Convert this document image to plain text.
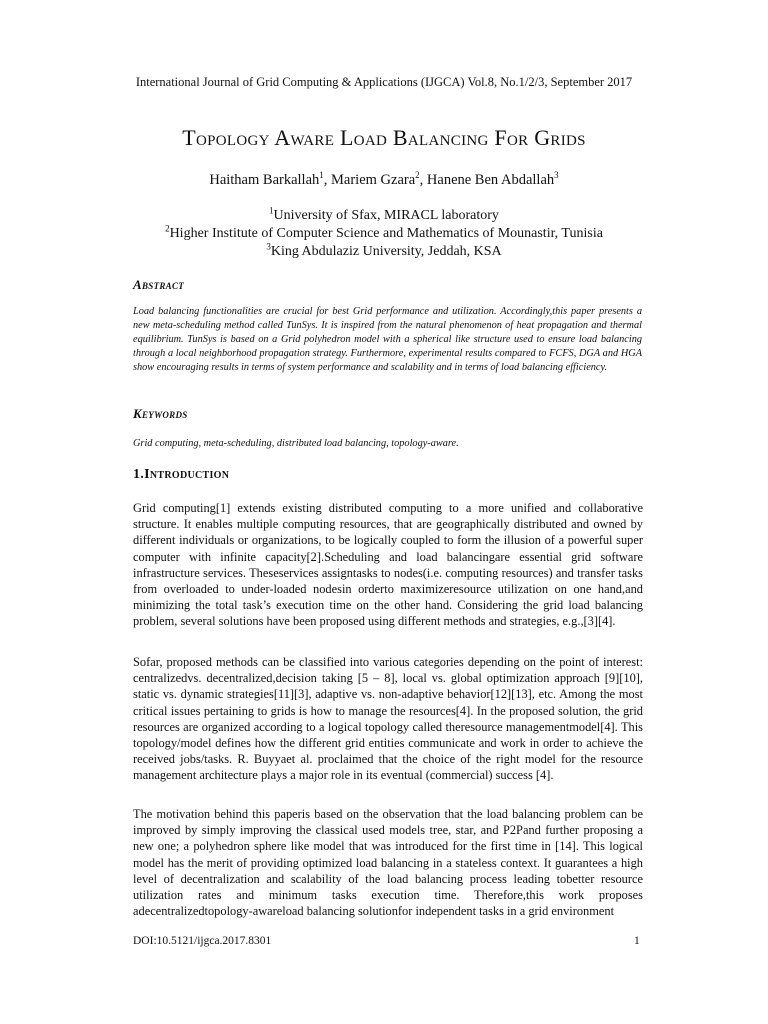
International Journal of Grid Computing & Applications (IJGCA) Vol.8, No.1/2/3, September 2017
Topology Aware Load Balancing For Grids
Haitham Barkallah$^1$, Mariem Gzara$^2$, Hanene Ben Abdallah$^3$
$^1$University of Sfax, MIRACL laboratory
$^2$Higher Institute of Computer Science and Mathematics of Mounastir, Tunisia
$^3$King Abdulaziz University, Jeddah, KSA
Abstract
Load balancing functionalities are crucial for best Grid performance and utilization. Accordingly,this paper presents a new meta-scheduling method called TunSys. It is inspired from the natural phenomenon of heat propagation and thermal equilibrium. TunSys is based on a Grid polyhedron model with a spherical like structure used to ensure load balancing through a local neighborhood propagation strategy. Furthermore, experimental results compared to FCFS, DGA and HGA show encouraging results in terms of system performance and scalability and in terms of load balancing efficiency.
Keywords
Grid computing, meta-scheduling, distributed load balancing, topology-aware.
1.Introduction

Grid computing[1] extends existing distributed computing to a more unified and collaborative structure. It enables multiple computing resources, that are geographically distributed and owned by different individuals or organizations, to be logically coupled to form the illusion of a powerful super computer with infinite capacity[2].Scheduling and load balancingare essential grid software infrastructure services. Theseservices assigntasks to nodes(i.e. computing resources) and transfer tasks from overloaded to under-loaded nodesin orderto maximizeresource utilization on one hand,and minimizing the total task’s execution time on the other hand. Considering the grid load balancing problem, several solutions have been proposed using different methods and strategies, e.g.,[3][4].

Sofar, proposed methods can be classified into various categories depending on the point of interest: centralizedvs. decentralized,decision taking [5 – 8], local vs. global optimization approach [9][10], static vs. dynamic strategies[11][3], adaptive vs. non-adaptive behavior[12][13], etc. Among the most critical issues pertaining to grids is how to manage the resources[4]. In the proposed solution, the grid resources are organized according to a logical topology called theresource managementmodel[4]. This topology/model defines how the different grid entities communicate and work in order to achieve the received jobs/tasks. R. Buyyaet al. proclaimed that the choice of the right model for the resource management architecture plays a major role in its eventual (commercial) success [4].

The motivation behind this paperis based on the observation that the load balancing problem can be improved by simply improving the classical used models tree, star, and P2Pand further proposing a new one; a polyhedron sphere like model that was introduced for the first time in [14]. This logical model has the merit of providing optimized load balancing in a stateless context. It guarantees a high level of decentralization and scalability of the load balancing process leading tobetter resource utilization rates and minimum tasks execution time. Therefore,this work proposes adecentralizedtopology-awareload balancing solutionfor independent tasks in a grid environment

DOI:10.5121/ijgca.2017.8301	1
